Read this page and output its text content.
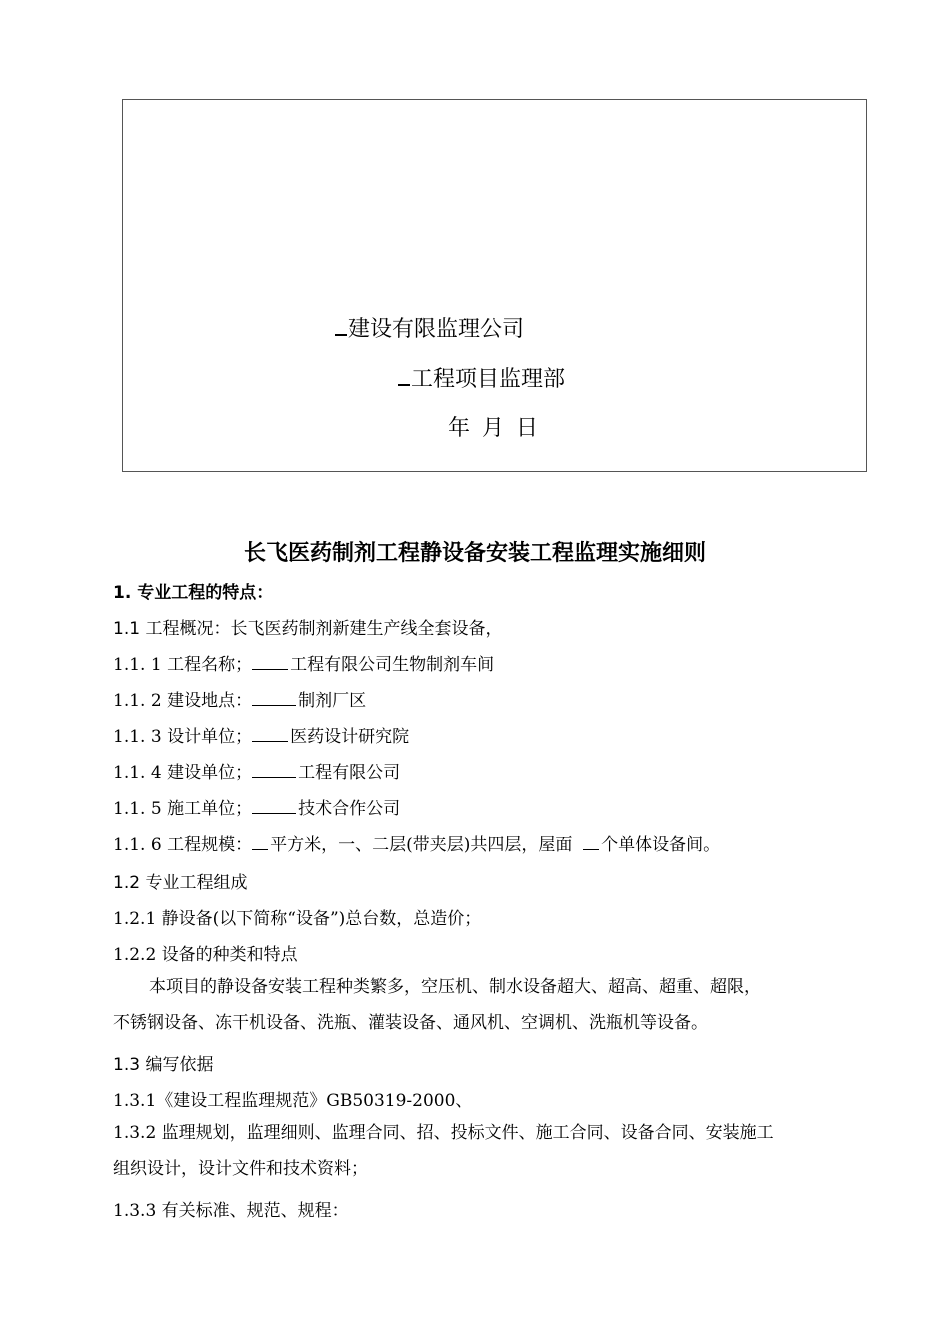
建设有限监理公司
工程项目监理部
年 月 日
长飞医药制剂工程静设备安装工程监理实施细则
1. 专业工程的特点：
1.1 工程概况：长飞医药制剂新建生产线全套设备，
1.1. 1 工程名称； 工程有限公司生物制剂车间
1.1. 2 建设地点：	制剂厂区
1.1. 3 设计单位； 医药设计研究院
1.1. 4 建设单位；	工程有限公司
1.1. 5 施工单位；	技术合作公司
1.1. 6 工程规模： 平方米，一、二层(带夹层)共四层，屋面 个单体设备间。
1.2 专业工程组成
1.2.1 静设备(以下简称“设备”)总台数，总造价；
1.2.2 设备的种类和特点
本项目的静设备安装工程种类繁多，空压机、制水设备超大、超高、超重、超限，
不锈钢设备、冻干机设备、洗瓶、灌装设备、通风机、空调机、洗瓶机等设备。
1.3 编写依据
1.3.1《建设工程监理规范》GB50319-2000、
1.3.2 监理规划，监理细则、监理合同、招、投标文件、施工合同、设备合同、安装施工
组织设计，设计文件和技术资料；
1.3.3 有关标准、规范、规程：
